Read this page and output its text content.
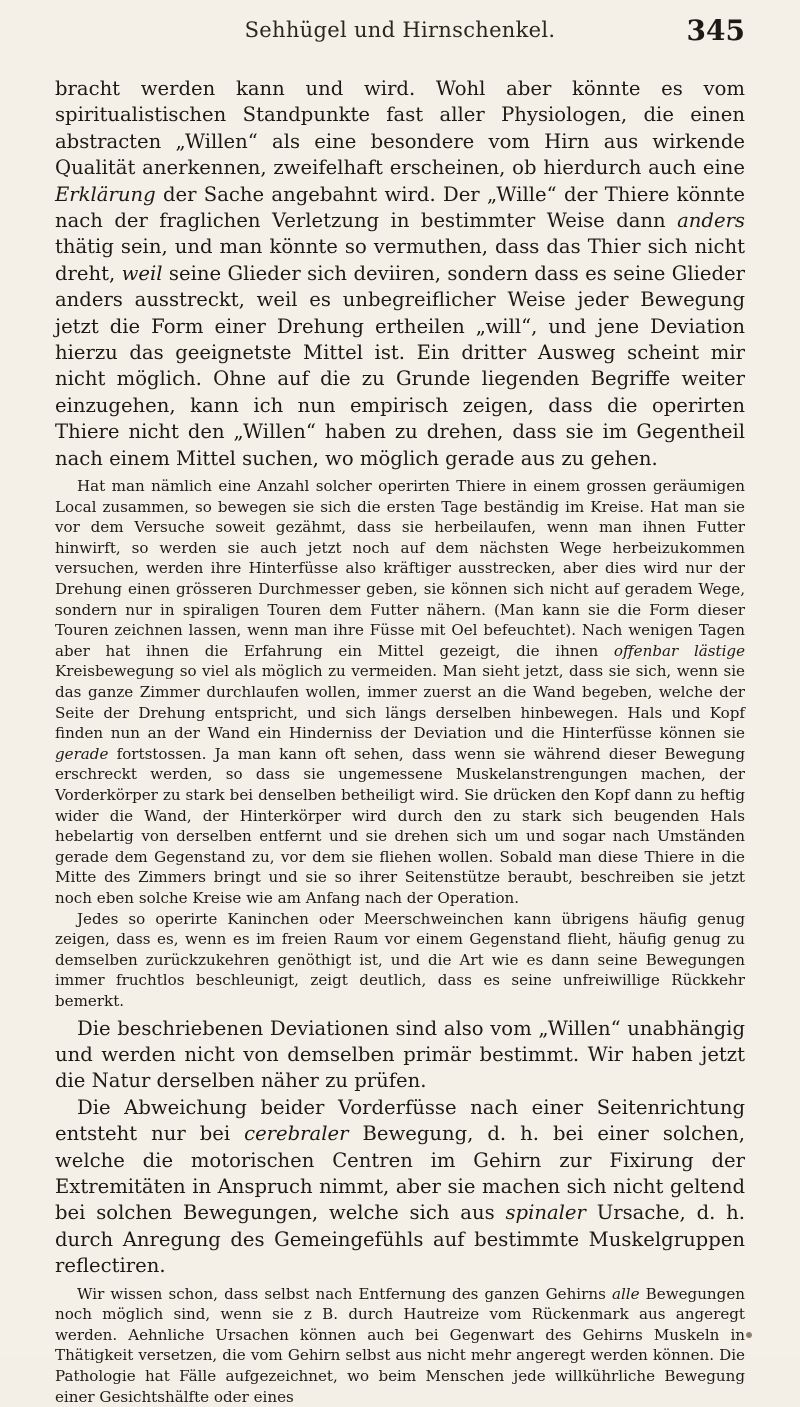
Sehhügel und Hirnschenkel.	345

bracht werden kann und wird. Wohl aber könnte es vom spiritualistischen Standpunkte fast aller Physiologen, die einen abstracten „Willen“ als eine besondere vom Hirn aus wirkende Qualität anerkennen, zweifelhaft erscheinen, ob hierdurch auch eine Erklärung der Sache angebahnt wird. Der „Wille“ der Thiere könnte nach der fraglichen Verletzung in bestimmter Weise dann anders thätig sein, und man könnte so vermuthen, dass das Thier sich nicht dreht, weil seine Glieder sich deviiren, sondern dass es seine Glieder anders ausstreckt, weil es unbegreiflicher Weise jeder Bewegung jetzt die Form einer Drehung ertheilen „will“, und jene Deviation hierzu das geeignetste Mittel ist. Ein dritter Ausweg scheint mir nicht möglich. Ohne auf die zu Grunde liegenden Begriffe weiter einzugehen, kann ich nun empirisch zeigen, dass die operirten Thiere nicht den „Willen“ haben zu drehen, dass sie im Gegentheil nach einem Mittel suchen, wo möglich gerade aus zu gehen.

Hat man nämlich eine Anzahl solcher operirten Thiere in einem grossen geräumigen Local zusammen, so bewegen sie sich die ersten Tage beständig im Kreise. Hat man sie vor dem Versuche soweit gezähmt, dass sie herbeilaufen, wenn man ihnen Futter hinwirft, so werden sie auch jetzt noch auf dem nächsten Wege herbeizukommen versuchen, werden ihre Hinterfüsse also kräftiger ausstrecken, aber dies wird nur der Drehung einen grösseren Durchmesser geben, sie können sich nicht auf geradem Wege, sondern nur in spiraligen Touren dem Futter nähern. (Man kann sie die Form dieser Touren zeichnen lassen, wenn man ihre Füsse mit Oel befeuchtet). Nach wenigen Tagen aber hat ihnen die Erfahrung ein Mittel gezeigt, die ihnen offenbar lästige Kreisbewegung so viel als möglich zu vermeiden. Man sieht jetzt, dass sie sich, wenn sie das ganze Zimmer durchlaufen wollen, immer zuerst an die Wand begeben, welche der Seite der Drehung entspricht, und sich längs derselben hinbewegen. Hals und Kopf finden nun an der Wand ein Hinderniss der Deviation und die Hinterfüsse können sie gerade fortstossen. Ja man kann oft sehen, dass wenn sie während dieser Bewegung erschreckt werden, so dass sie ungemessene Muskelanstrengungen machen, der Vorderkörper zu stark bei denselben betheiligt wird. Sie drücken den Kopf dann zu heftig wider die Wand, der Hinterkörper wird durch den zu stark sich beugenden Hals hebelartig von derselben entfernt und sie drehen sich um und sogar nach Umständen gerade dem Gegenstand zu, vor dem sie fliehen wollen. Sobald man diese Thiere in die Mitte des Zimmers bringt und sie so ihrer Seitenstütze beraubt, beschreiben sie jetzt noch eben solche Kreise wie am Anfang nach der Operation.

Jedes so operirte Kaninchen oder Meerschweinchen kann übrigens häufig genug zeigen, dass es, wenn es im freien Raum vor einem Gegenstand flieht, häufig genug zu demselben zurückzukehren genöthigt ist, und die Art wie es dann seine Bewegungen immer fruchtlos beschleunigt, zeigt deutlich, dass es seine unfreiwillige Rückkehr bemerkt.

Die beschriebenen Deviationen sind also vom „Willen“ unabhängig und werden nicht von demselben primär bestimmt. Wir haben jetzt die Natur derselben näher zu prüfen.

Die Abweichung beider Vorderfüsse nach einer Seitenrichtung entsteht nur bei cerebraler Bewegung, d. h. bei einer solchen, welche die motorischen Centren im Gehirn zur Fixirung der Extremitäten in Anspruch nimmt, aber sie machen sich nicht geltend bei solchen Bewegungen, welche sich aus spinaler Ursache, d. h. durch Anregung des Gemeingefühls auf bestimmte Muskelgruppen reflectiren.

Wir wissen schon, dass selbst nach Entfernung des ganzen Gehirns alle Bewegungen noch möglich sind, wenn sie z B. durch Hautreize vom Rückenmark aus angeregt werden. Aehnliche Ursachen können auch bei Gegenwart des Gehirns Muskeln in Thätigkeit versetzen, die vom Gehirn selbst aus nicht mehr angeregt werden können. Die Pathologie hat Fälle aufgezeichnet, wo beim Menschen jede willkührliche Bewegung einer Gesichtshälfte oder eines
